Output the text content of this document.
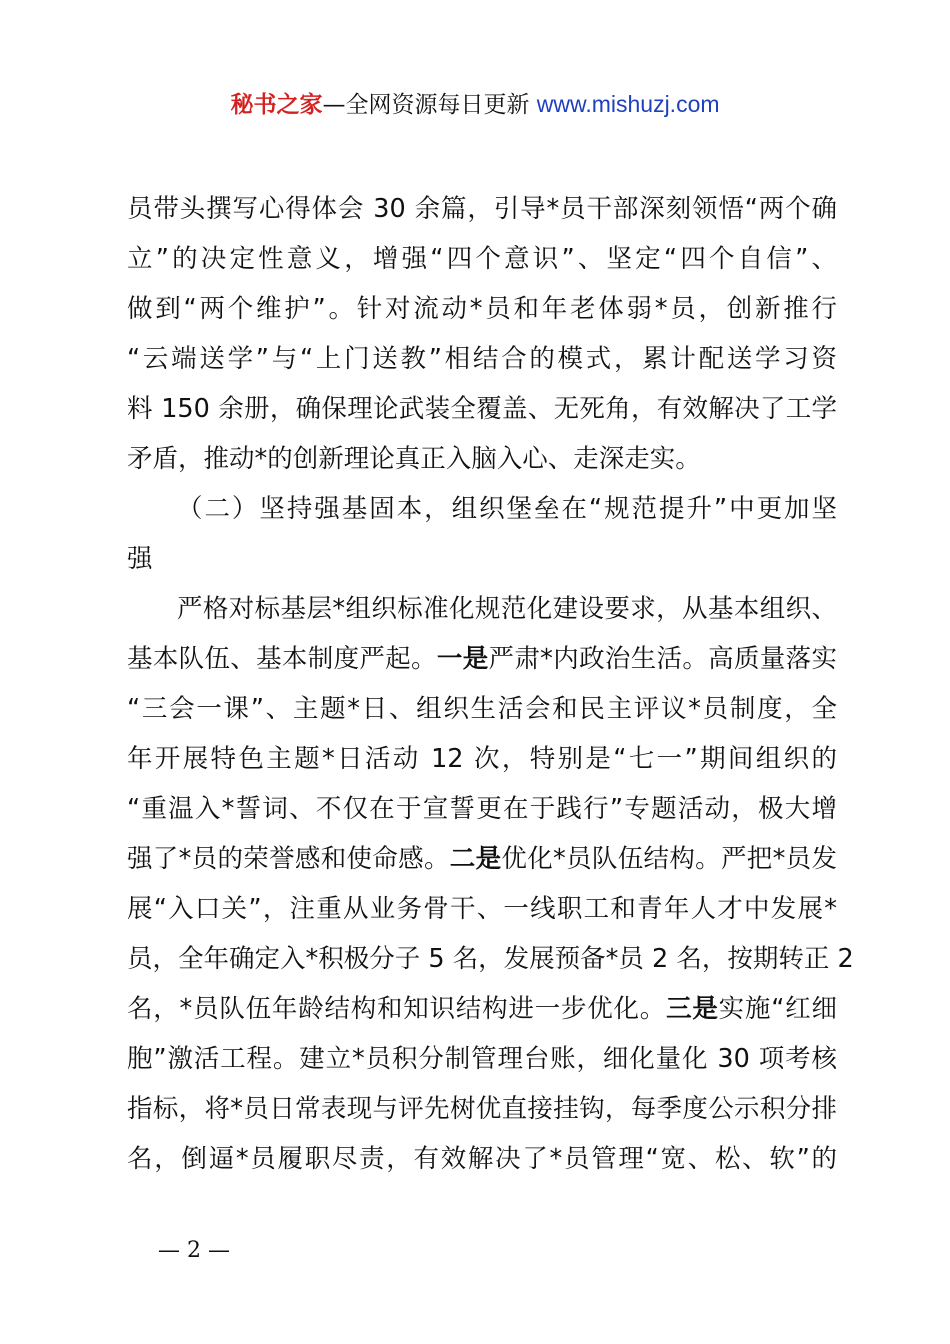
秘书之家—全网资源每日更新 www.mishuzj.com
员带头撰写心得体会 30 余篇，引导*员干部深刻领悟“两个确
立”的决定性意义，增强“四个意识”、坚定“四个自信”、
做到“两个维护”。针对流动*员和年老体弱*员，创新推行
“云端送学”与“上门送教”相结合的模式，累计配送学习资
料 150 余册，确保理论武装全覆盖、无死角，有效解决了工学
矛盾，推动*的创新理论真正入脑入心、走深走实。
（二）坚持强基固本，组织堡垒在“规范提升”中更加坚
强
严格对标基层*组织标准化规范化建设要求，从基本组织、
基本队伍、基本制度严起。一是严肃*内政治生活。高质量落实
“三会一课”、主题*日、组织生活会和民主评议*员制度，全
年开展特色主题*日活动 12 次，特别是“七一”期间组织的
“重温入*誓词、不仅在于宣誓更在于践行”专题活动，极大增
强了*员的荣誉感和使命感。二是优化*员队伍结构。严把*员发
展“入口关”，注重从业务骨干、一线职工和青年人才中发展*
员，全年确定入*积极分子 5 名，发展预备*员 2 名，按期转正 2
名，*员队伍年龄结构和知识结构进一步优化。三是实施“红细
胞”激活工程。建立*员积分制管理台账，细化量化 30 项考核
指标，将*员日常表现与评先树优直接挂钩，每季度公示积分排
名，倒逼*员履职尽责，有效解决了*员管理“宽、松、软”的
— 2 —
